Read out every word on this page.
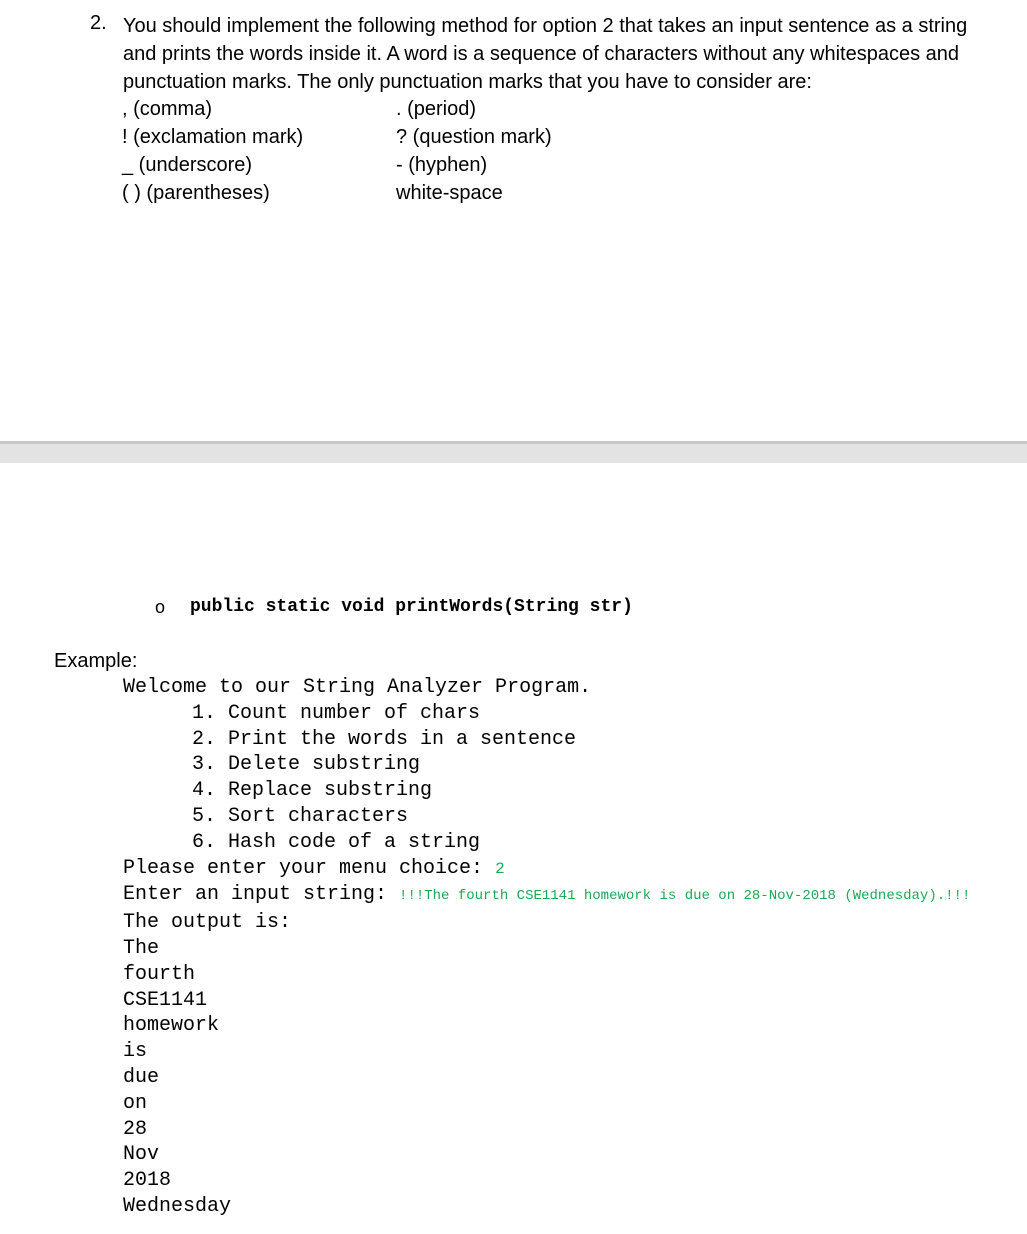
2. You should implement the following method for option 2 that takes an input sentence as a string
and prints the words inside it. A word is a sequence of characters without any whitespaces and
punctuation marks. The only punctuation marks that you have to consider are:
, (comma)	. (period)
! (exclamation mark)	? (question mark)
_ (underscore)	- (hyphen)
( ) (parentheses)	white-space
o public static void printWords(String str)
Example:
Welcome to our String Analyzer Program.
1. Count number of chars
2. Print the words in a sentence
3. Delete substring
4. Replace substring
5. Sort characters
6. Hash code of a string
Please enter your menu choice: 2
Enter an input string: !!!The fourth CSE1141 homework is due on 28-Nov-2018 (Wednesday).!!!
The output is:
The
fourth
CSE1141
homework
is
due
on
28
Nov
2018
Wednesday
